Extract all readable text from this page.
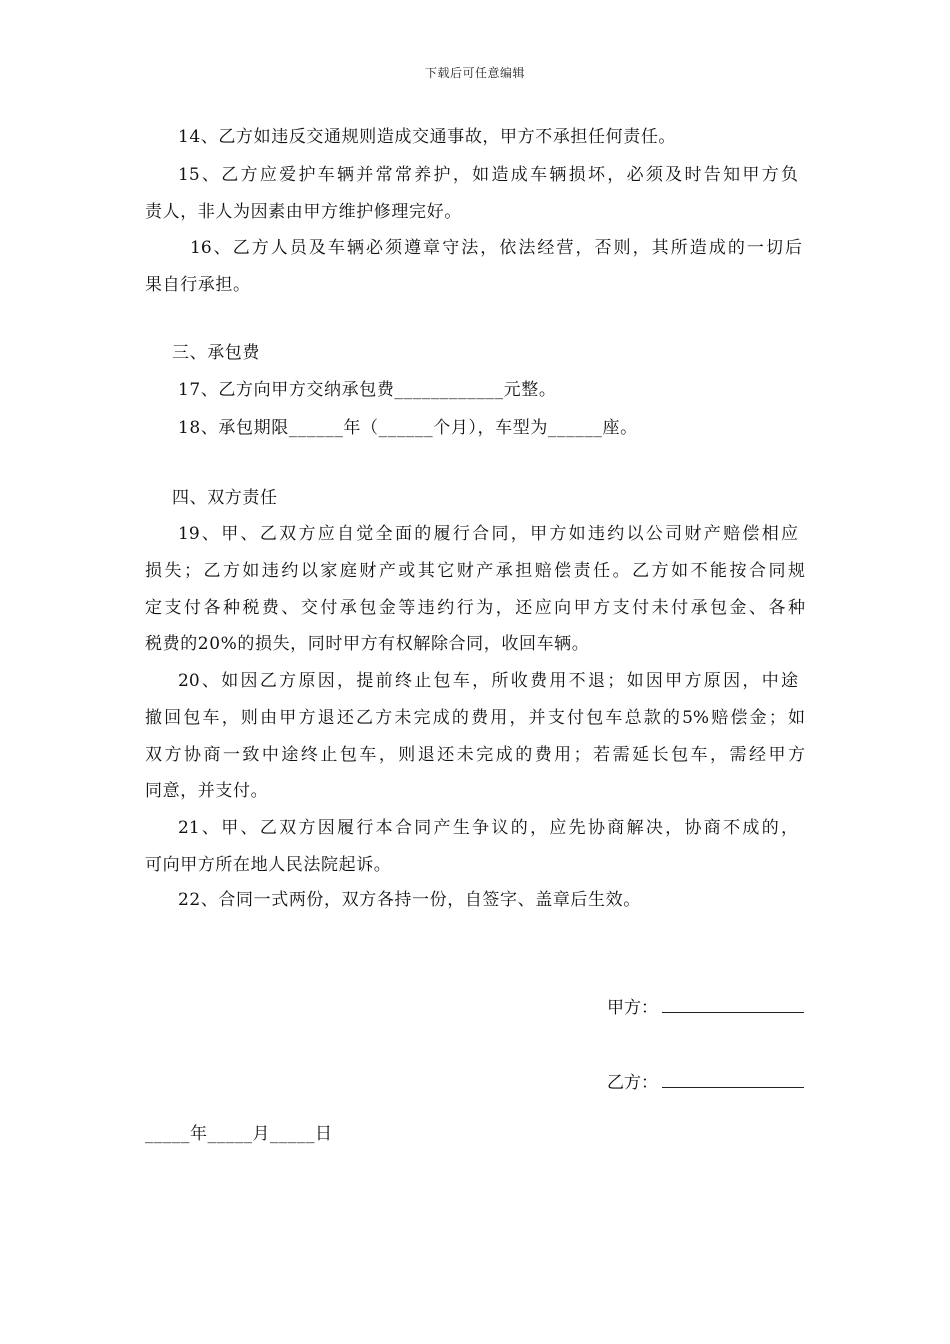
下载后可任意编辑
14、乙方如违反交通规则造成交通事故，甲方不承担任何责任。
15、乙方应爱护车辆并常常养护，如造成车辆损坏，必须及时告知甲方负
责人，非人为因素由甲方维护修理完好。
16、乙方人员及车辆必须遵章守法，依法经营，否则，其所造成的一切后
果自行承担。
三、承包费
17、乙方向甲方交纳承包费____________元整。
18、承包期限______年（______个月），车型为______座。
四、双方责任
19、甲、乙双方应自觉全面的履行合同，甲方如违约以公司财产赔偿相应
损失；乙方如违约以家庭财产或其它财产承担赔偿责任。乙方如不能按合同规
定支付各种税费、交付承包金等违约行为，还应向甲方支付未付承包金、各种
税费的20%的损失，同时甲方有权解除合同，收回车辆。
20、如因乙方原因，提前终止包车，所收费用不退；如因甲方原因，中途
撤回包车，则由甲方退还乙方未完成的费用，并支付包车总款的5%赔偿金；如
双方协商一致中途终止包车，则退还未完成的费用；若需延长包车，需经甲方
同意，并支付。
21、甲、乙双方因履行本合同产生争议的，应先协商解决，协商不成的，
可向甲方所在地人民法院起诉。
22、合同一式两份，双方各持一份，自签字、盖章后生效。
甲方：
乙方：
_____年_____月_____日
